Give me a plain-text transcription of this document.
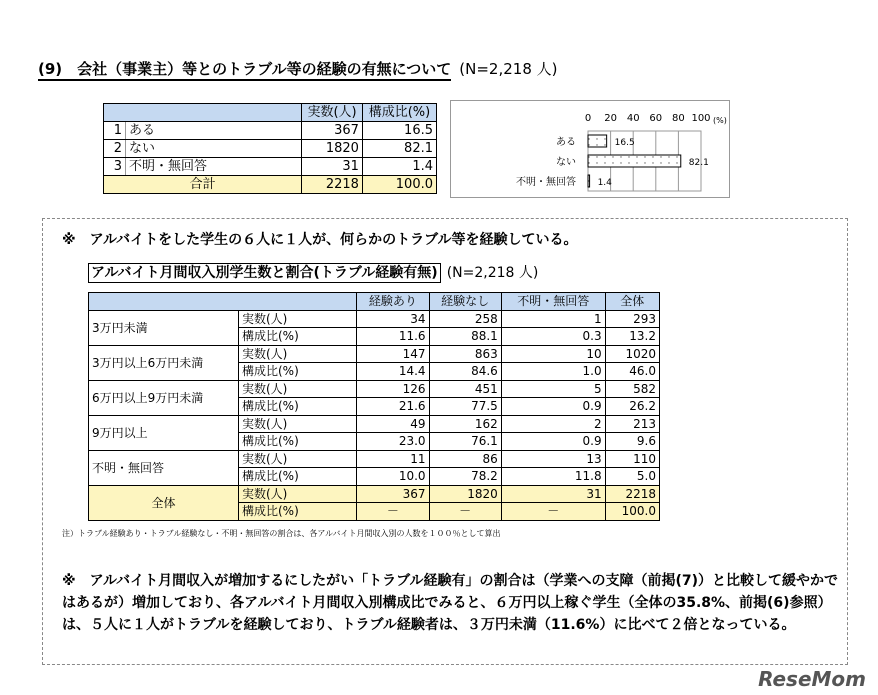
(9)　 会社（事業主）等とのトラブル等の経験の有無について (N=2,218 人)
		実数(人)	構成比(%)
1	ある	367	16.5
2	ない	1820	82.1
3	不明・無回答	31	1.4
合計		2218	100.0
0 20 40 60 80 100 (%)
ある	16.5
ない	82.1
不明・無回答 1.4
※　アルバイトをした学生の６人に１人が、何らかのトラブル等を経験している。
アルバイト月間収入別学生数と割合(トラブル経験有無) (N=2,218 人)
		経験あり	経験なし	不明・無回答	全体
3万円未満	実数(人)	34	258	1	293
	構成比(%)	11.6	88.1	0.3	13.2
3万円以上6万円未満	実数(人)	147	863	10	1020
	構成比(%)	14.4	84.6	1.0	46.0
6万円以上9万円未満	実数(人)	126	451	5	582
	構成比(%)	21.6	77.5	0.9	26.2
9万円以上	実数(人)	49	162	2	213
	構成比(%)	23.0	76.1	0.9	9.6
不明・無回答	実数(人)	11	86	13	110
	構成比(%)	10.0	78.2	11.8	5.0
全体	実数(人)	367	1820	31	2218
	構成比(%)	－	－	－	100.0
注）トラブル経験あり・トラブル経験なし・不明・無回答の割合は、各アルバイト月間収入別の人数を１００％として算出
※　アルバイト月間収入が増加するにしたがい「トラブル経験有」の割合は（学業への支障（前掲(7)）と比較して緩やかではあるが）増加しており、各アルバイト月間収入別構成比でみると、６万円以上稼ぐ学生（全体の35.8%、前掲(6)参照）は、５人に１人がトラブルを経験しており、トラブル経験者は、３万円未満（11.6%）に比べて２倍となっている。
ReseMom
